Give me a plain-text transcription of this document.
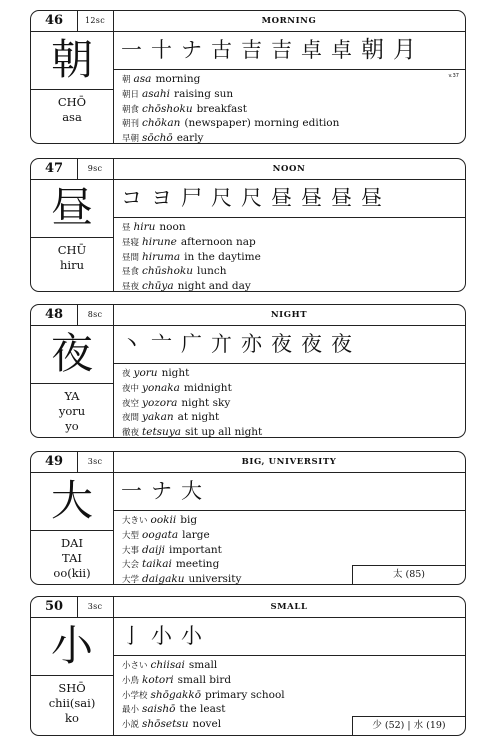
46	12sc	MORNING
朝
CHŌ
asa
一 十 ナ 古 吉 吉 卓 卓 朝 月
v.37
朝 asa morning
朝日 asahi raising sun
朝食 chōshoku breakfast
朝刊 chōkan (newspaper) morning edition
早朝 sōchō early
47	9sc	NOON
昼
CHŪ
hiru
コ ヨ 尸 尺 尺 昼 昼 昼 昼
昼 hiru noon
昼寝 hirune afternoon nap
昼間 hiruma in the daytime
昼食 chūshoku lunch
昼夜 chūya night and day
48	8sc	NIGHT
夜
YA
yoru
yo
丶 亠 广 亣 亦 夜 夜 夜
夜 yoru night
夜中 yonaka midnight
夜空 yozora night sky
夜間 yakan at night
徹夜 tetsuya sit up all night
49	3sc	BIG, UNIVERSITY
大
DAI
TAI
oo(kii)
一 ナ 大
大きい ookii big
大型 oogata large
大事 daiji important
大会 taikai meeting
大学 daigaku university	太 (85)
50	3sc	SMALL
小
SHŌ
chii(sai)
ko
亅 小 小
小さい chiisai small
小鳥 kotori small bird
小学校 shōgakkō primary school
最小 saishō the least
小説 shōsetsu novel	少 (52) | 水 (19)
